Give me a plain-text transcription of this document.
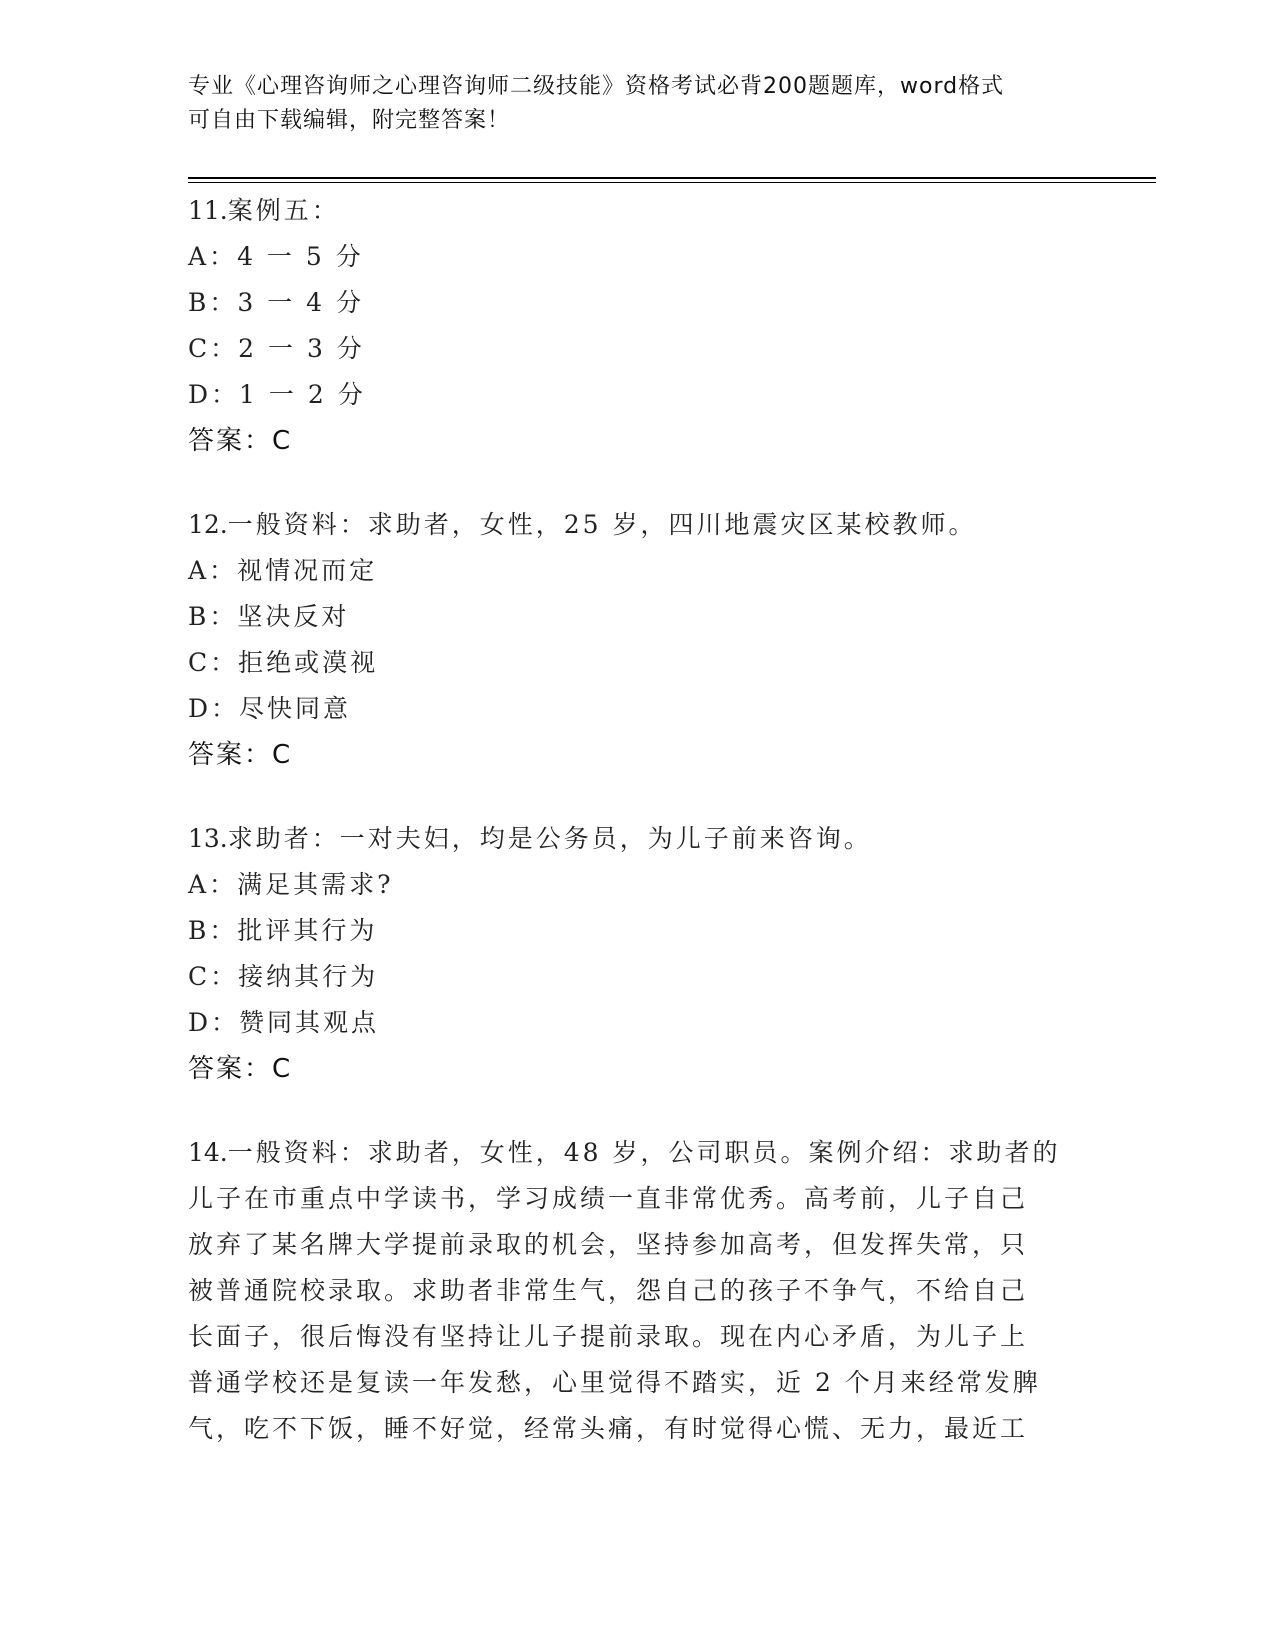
专业《心理咨询师之心理咨询师二级技能》资格考试必背200题题库，word格式
可自由下载编辑，附完整答案！
11.案例五：
A：4 一 5 分
B：3 一 4 分
C：2 一 3 分
D：1 一 2 分
答案：C
12.一般资料：求助者，女性，25 岁，四川地震灾区某校教师。
A：视情况而定
B：坚决反对
C：拒绝或漠视
D：尽快同意
答案：C
13.求助者：一对夫妇，均是公务员，为儿子前来咨询。
A：满足其需求?
B：批评其行为
C：接纳其行为
D：赞同其观点
答案：C
14.一般资料：求助者，女性，48 岁，公司职员。案例介绍：求助者的
儿子在市重点中学读书，学习成绩一直非常优秀。高考前，儿子自己
放弃了某名牌大学提前录取的机会，坚持参加高考，但发挥失常，只
被普通院校录取。求助者非常生气，怨自己的孩子不争气，不给自己
长面子，很后悔没有坚持让儿子提前录取。现在内心矛盾，为儿子上
普通学校还是复读一年发愁，心里觉得不踏实，近 2 个月来经常发脾
气，吃不下饭，睡不好觉，经常头痛，有时觉得心慌、无力，最近工
